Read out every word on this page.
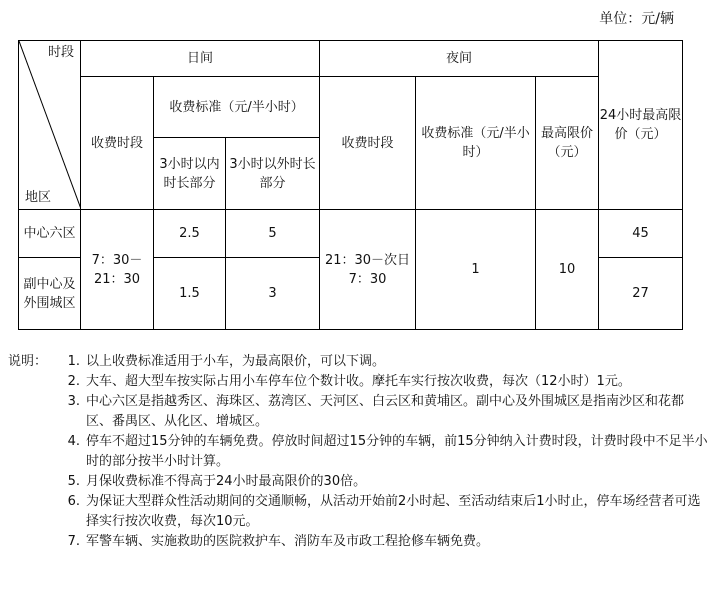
单位：元/辆
时段
地区	日间			夜间			24小时最高限价（元）
	收费时段	收费标准（元/半小时）		收费时段	收费标准（元/半小时）	最高限价（元）	
		3小时以内时长部分	3小时以外时长部分				
中心六区	7：30－21：30	2.5	5	21：30－次日7：30	1	10	45
副中心及外围城区		1.5	3				27
说明：	1. 以上收费标准适用于小车，为最高限价，可以下调。
2. 大车、超大型车按实际占用小车停车位个数计收。摩托车实行按次收费，每次（12小时）1元。
3. 中心六区是指越秀区、海珠区、荔湾区、天河区、白云区和黄埔区。副中心及外围城区是指南沙区和花都区、番禺区、从化区、增城区。
4. 停车不超过15分钟的车辆免费。停放时间超过15分钟的车辆，前15分钟纳入计费时段，计费时段中不足半小时的部分按半小时计算。
5. 月保收费标准不得高于24小时最高限价的30倍。
6. 为保证大型群众性活动期间的交通顺畅，从活动开始前2小时起、至活动结束后1小时止，停车场经营者可选择实行按次收费，每次10元。
7. 军警车辆、实施救助的医院救护车、消防车及市政工程抢修车辆免费。
